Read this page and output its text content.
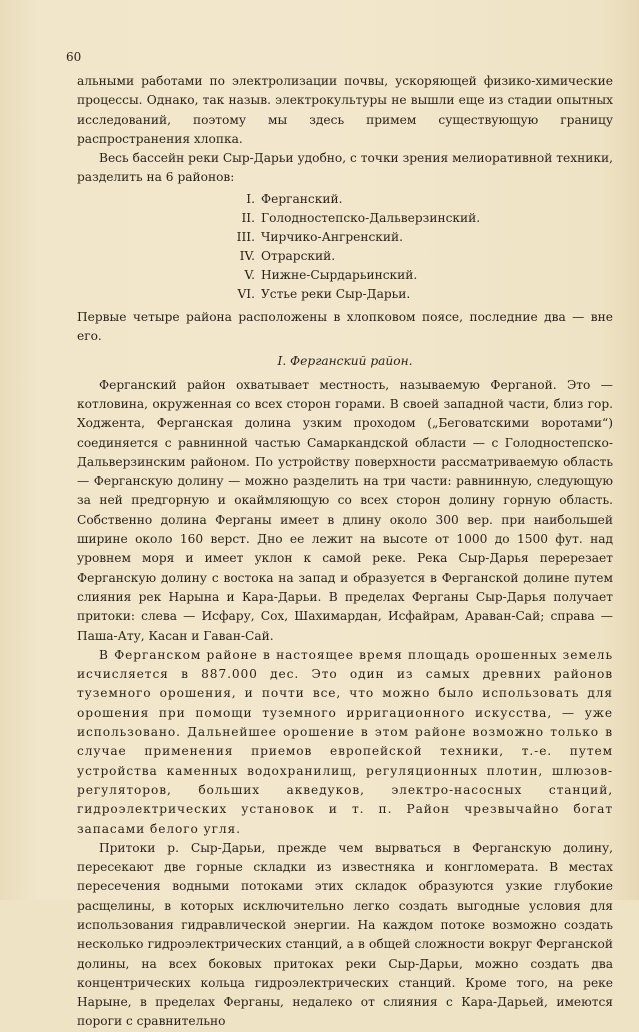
60

альными работами по электролизации почвы, ускоряющей физико-химические процессы. Однако, так назыв. электрокультуры не вышли еще из стадии опытных исследований, поэтому мы здесь примем существующую границу распространения хлопка.

Весь бассейн реки Сыр-Дарьи удобно, с точки зрения мелиоративной техники, разделить на 6 районов:

I. Ферганский.
II. Голодностепско-Дальверзинский.
III. Чирчико-Ангренский.
IV. Отрарский.
V. Нижне-Сырдарьинский.
VI. Устье реки Сыр-Дарьи.

Первые четыре района расположены в хлопковом поясе, последние два — вне его.

I. Ферганский район.

Ферганский район охватывает местность, называемую Ферганой. Это — котловина, окруженная со всех сторон горами. В своей западной части, близ гор. Ходжента, Ферганская долина узким проходом („Беговатскими воротами“) соединяется с равнинной частью Самаркандской области — с Голодностепско-Дальверзинским районом. По устройству поверхности рассматриваемую область — Ферганскую долину — можно разделить на три части: равнинную, следующую за ней предгорную и окаймляющую со всех сторон долину горную область. Собственно долина Ферганы имеет в длину около 300 вер. при наибольшей ширине около 160 верст. Дно ее лежит на высоте от 1000 до 1500 фут. над уровнем моря и имеет уклон к самой реке. Река Сыр-Дарья перерезает Ферганскую долину с востока на запад и образуется в Ферганской долине путем слияния рек Нарына и Кара-Дарьи. В пределах Ферганы Сыр-Дарья получает притоки: слева — Исфару, Сох, Шахимардан, Исфайрам, Араван-Сай; справа — Паша-Ату, Касан и Гаван-Сай.

В Ферганском районе в настоящее время площадь орошенных земель исчисляется в 887.000 дес. Это один из самых древних районов туземного орошения, и почти все, что можно было использовать для орошения при помощи туземного ирригационного искусства, — уже использовано. Дальнейшее орошение в этом районе возможно только в случае применения приемов европейской техники, т.-е. путем устройства каменных водохранилищ, регуляционных плотин, шлюзов-регуляторов, больших акведуков, электро-насосных станций, гидроэлектрических установок и т. п. Район чрезвычайно богат запасами белого угля.

Притоки р. Сыр-Дарьи, прежде чем вырваться в Ферганскую долину, пересекают две горные складки из известняка и конгломерата. В местах пересечения водными потоками этих складок образуются узкие глубокие расщелины, в которых исключительно легко создать выгодные условия для использования гидравлической энергии. На каждом потоке возможно создать несколько гидроэлектрических станций, а в общей сложности вокруг Ферганской долины, на всех боковых притоках реки Сыр-Дарьи, можно создать два концентрических кольца гидроэлектрических станций. Кроме того, на реке Нарыне, в пределах Ферганы, недалеко от слияния с Кара-Дарьей, имеются пороги с сравнительно
